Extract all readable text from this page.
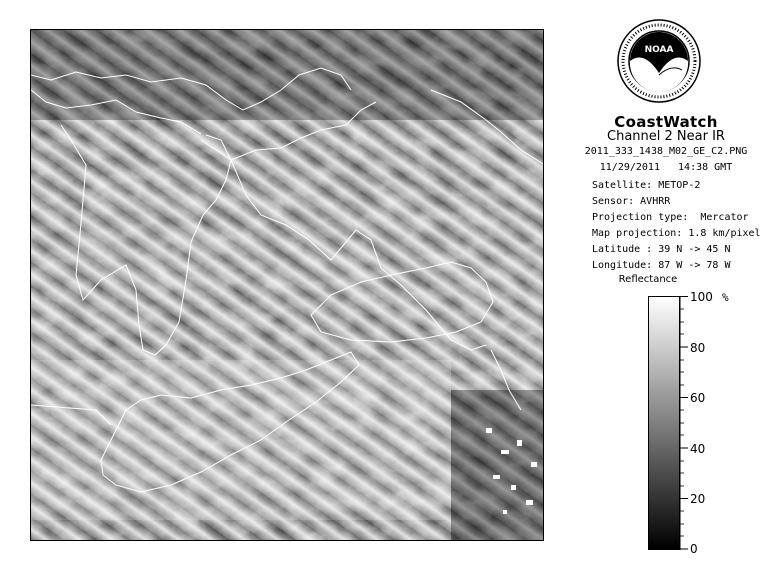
NOAA
CoastWatch
Channel 2 Near IR
2011_333_1438_M02_GE_C2.PNG
11/29/2011   14:38 GMT
Satellite: METOP-2
Sensor: AVHRR
Projection type:  Mercator
Map projection: 1.8 km/pixel
Latitude : 39 N -> 45 N
Longitude: 87 W -> 78 W
Reflectance
%
100
80
60
40
20
0
